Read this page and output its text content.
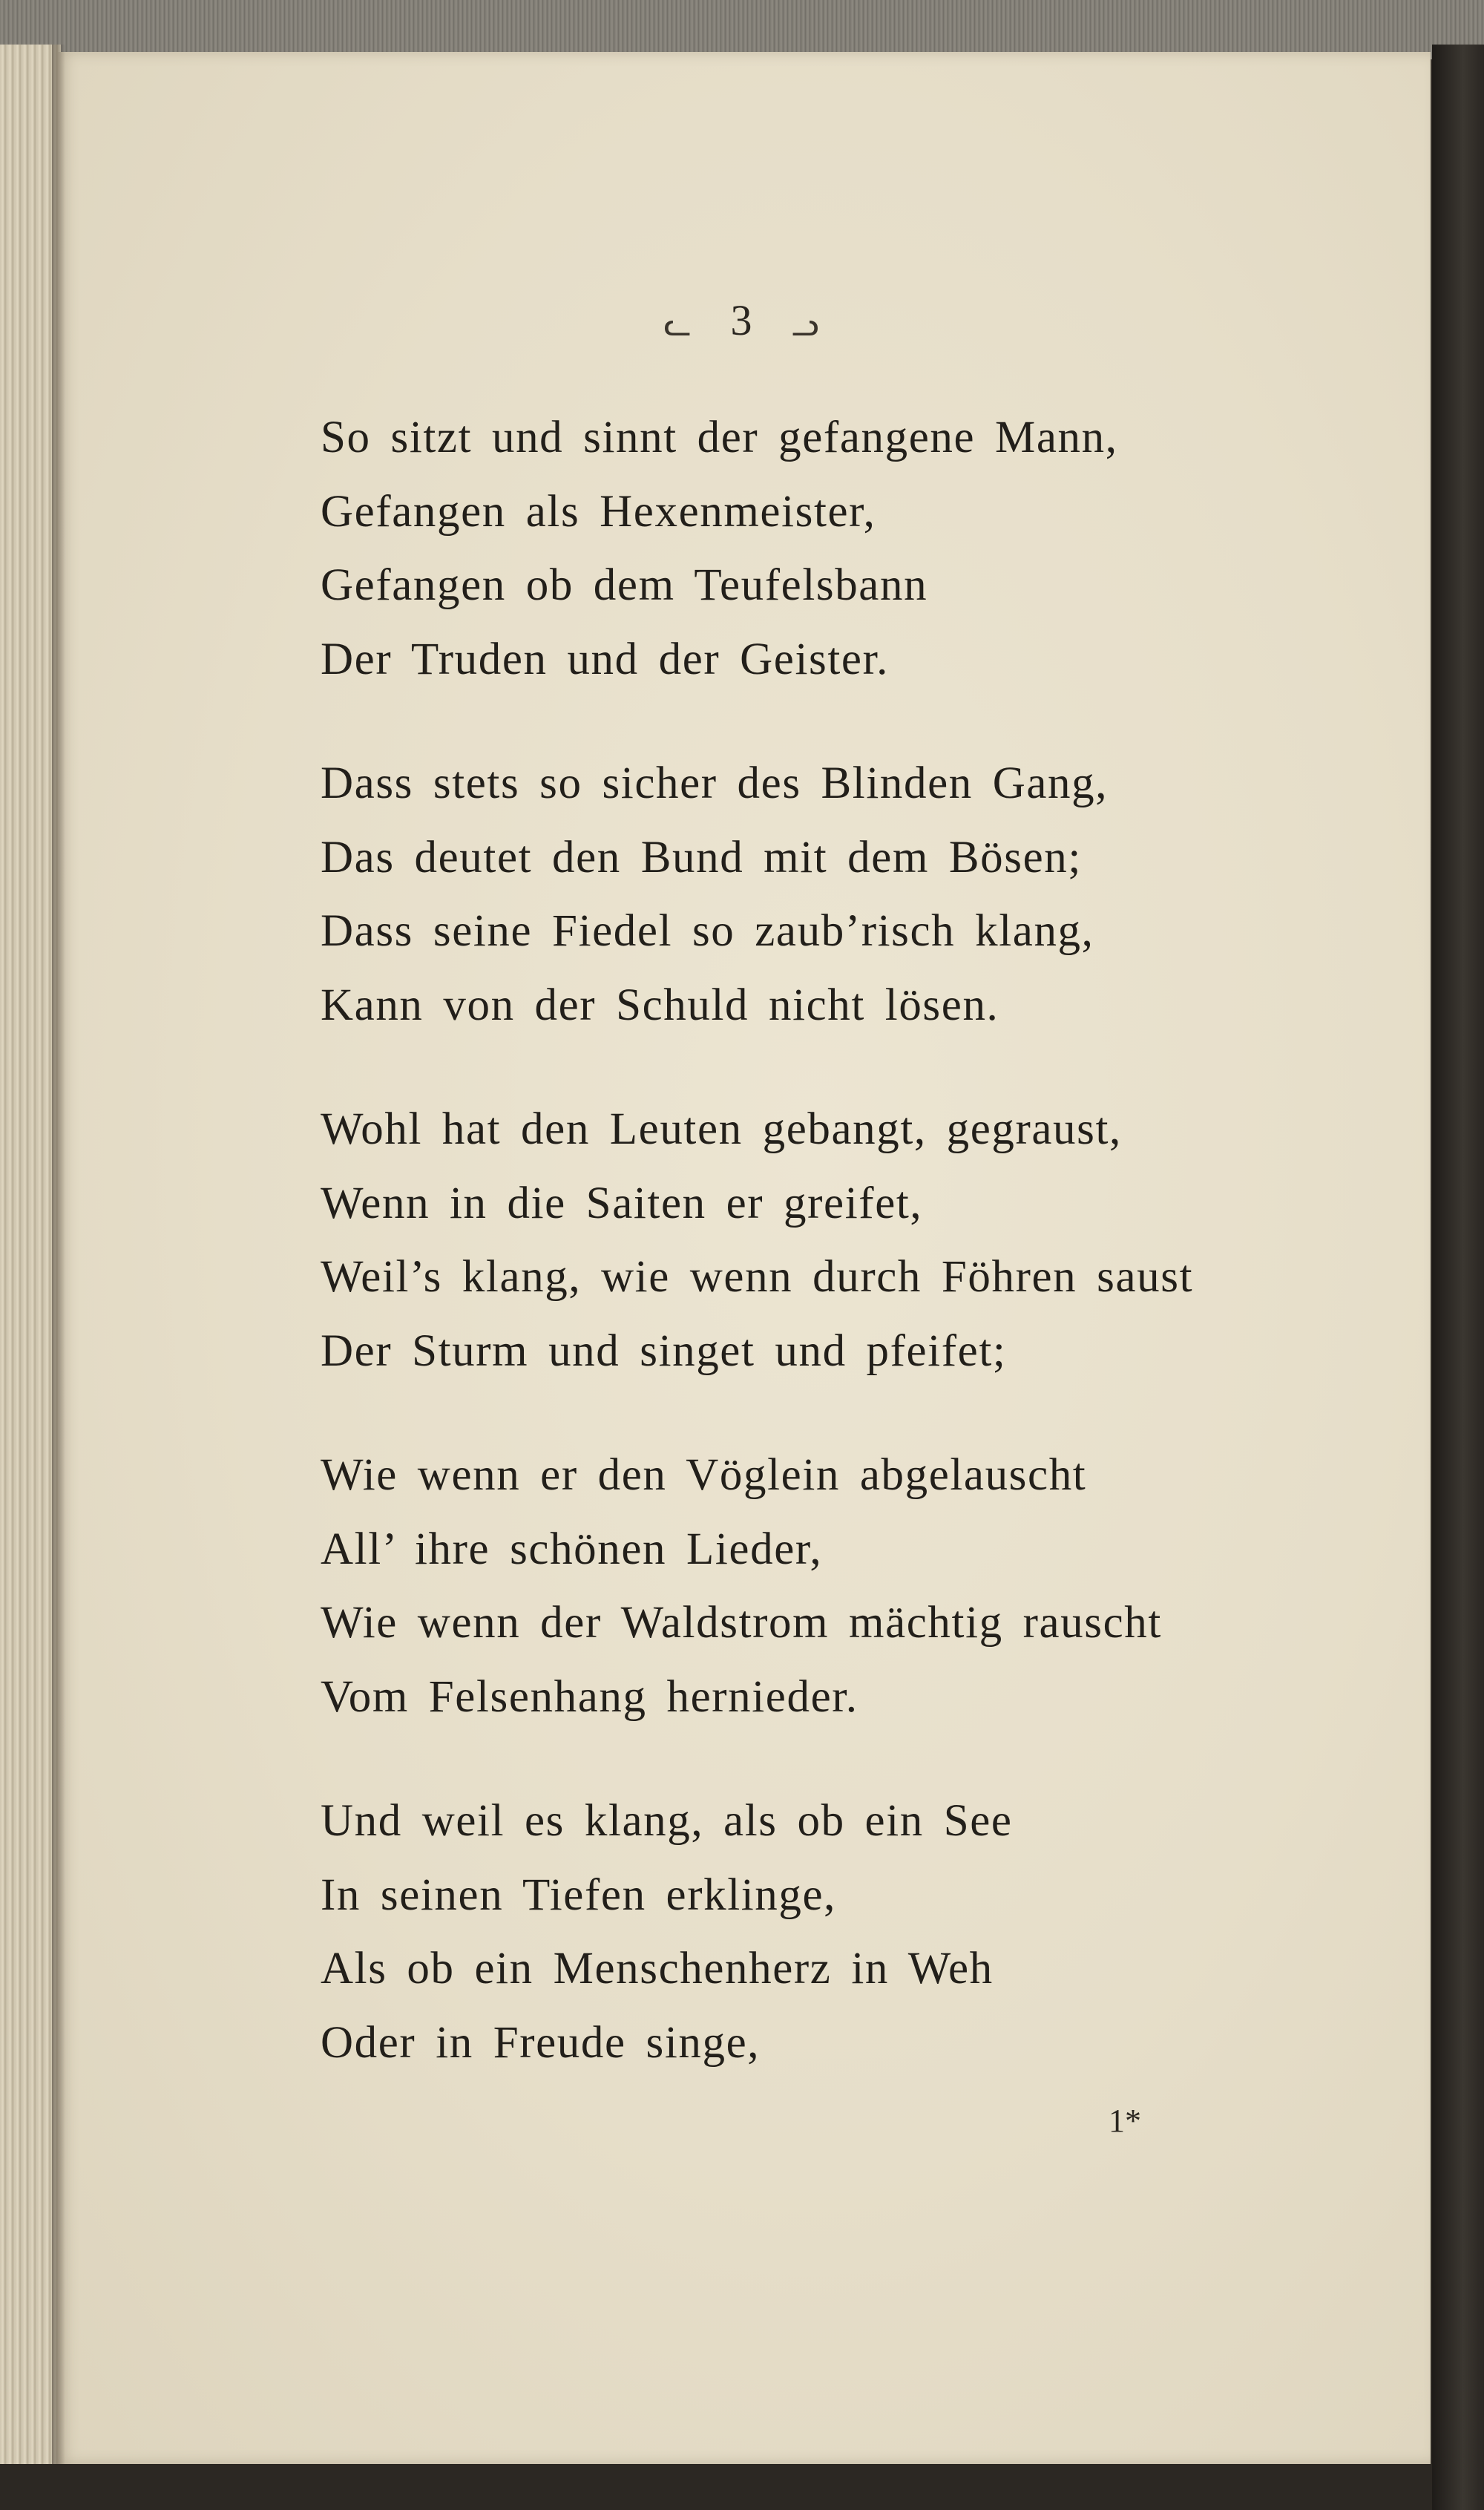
ᓚ 3 ᓗ
So sitzt und sinnt der gefangene Mann,
Gefangen als Hexenmeister,
Gefangen ob dem Teufelsbann
Der Truden und der Geister.
Dass stets so sicher des Blinden Gang,
Das deutet den Bund mit dem Bösen;
Dass seine Fiedel so zaub’risch klang,
Kann von der Schuld nicht lösen.
Wohl hat den Leuten gebangt, gegraust,
Wenn in die Saiten er greifet,
Weil’s klang, wie wenn durch Föhren saust
Der Sturm und singet und pfeifet;
Wie wenn er den Vöglein abgelauscht
All’ ihre schönen Lieder,
Wie wenn der Waldstrom mächtig rauscht
Vom Felsenhang hernieder.
Und weil es klang, als ob ein See
In seinen Tiefen erklinge,
Als ob ein Menschenherz in Weh
Oder in Freude singe,
1*
